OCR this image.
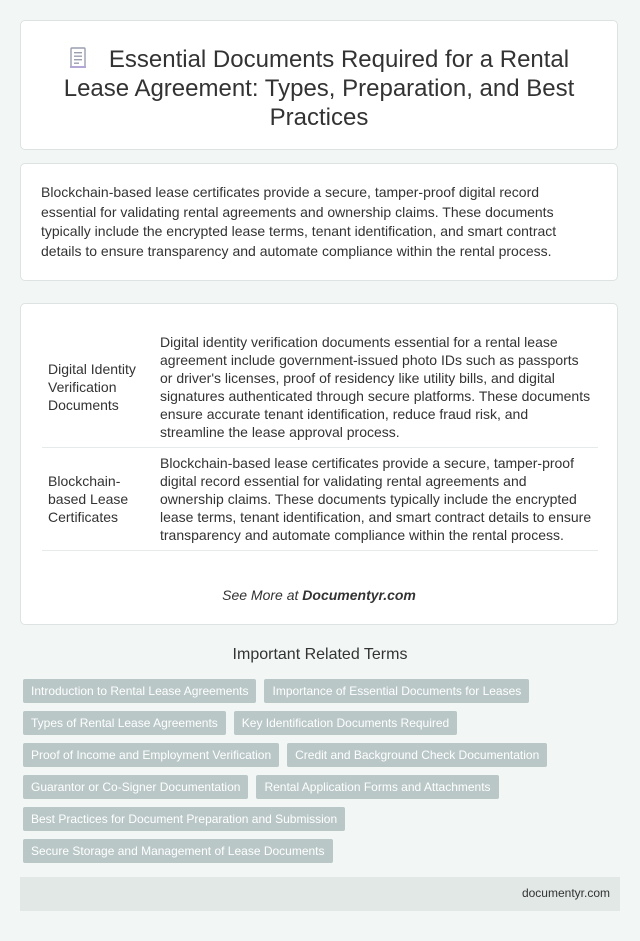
Essential Documents Required for a Rental Lease Agreement: Types, Preparation, and Best Practices

Blockchain-based lease certificates provide a secure, tamper-proof digital record essential for validating rental agreements and ownership claims. These documents typically include the encrypted lease terms, tenant identification, and smart contract details to ensure transparency and automate compliance within the rental process.

Digital Identity Verification Documents	Digital identity verification documents essential for a rental lease agreement include government-issued photo IDs such as passports or driver's licenses, proof of residency like utility bills, and digital signatures authenticated through secure platforms. These documents ensure accurate tenant identification, reduce fraud risk, and streamline the lease approval process.
Blockchain-based Lease Certificates	Blockchain-based lease certificates provide a secure, tamper-proof digital record essential for validating rental agreements and ownership claims. These documents typically include the encrypted lease terms, tenant identification, and smart contract details to ensure transparency and automate compliance within the rental process.
See More at Documentyr.com
Important Related Terms
Introduction to Rental Lease Agreements	Importance of Essential Documents for Leases
Types of Rental Lease Agreements	Key Identification Documents Required
Proof of Income and Employment Verification	Credit and Background Check Documentation
Guarantor or Co-Signer Documentation	Rental Application Forms and Attachments
Best Practices for Document Preparation and Submission
Secure Storage and Management of Lease Documents
documentyr.com
